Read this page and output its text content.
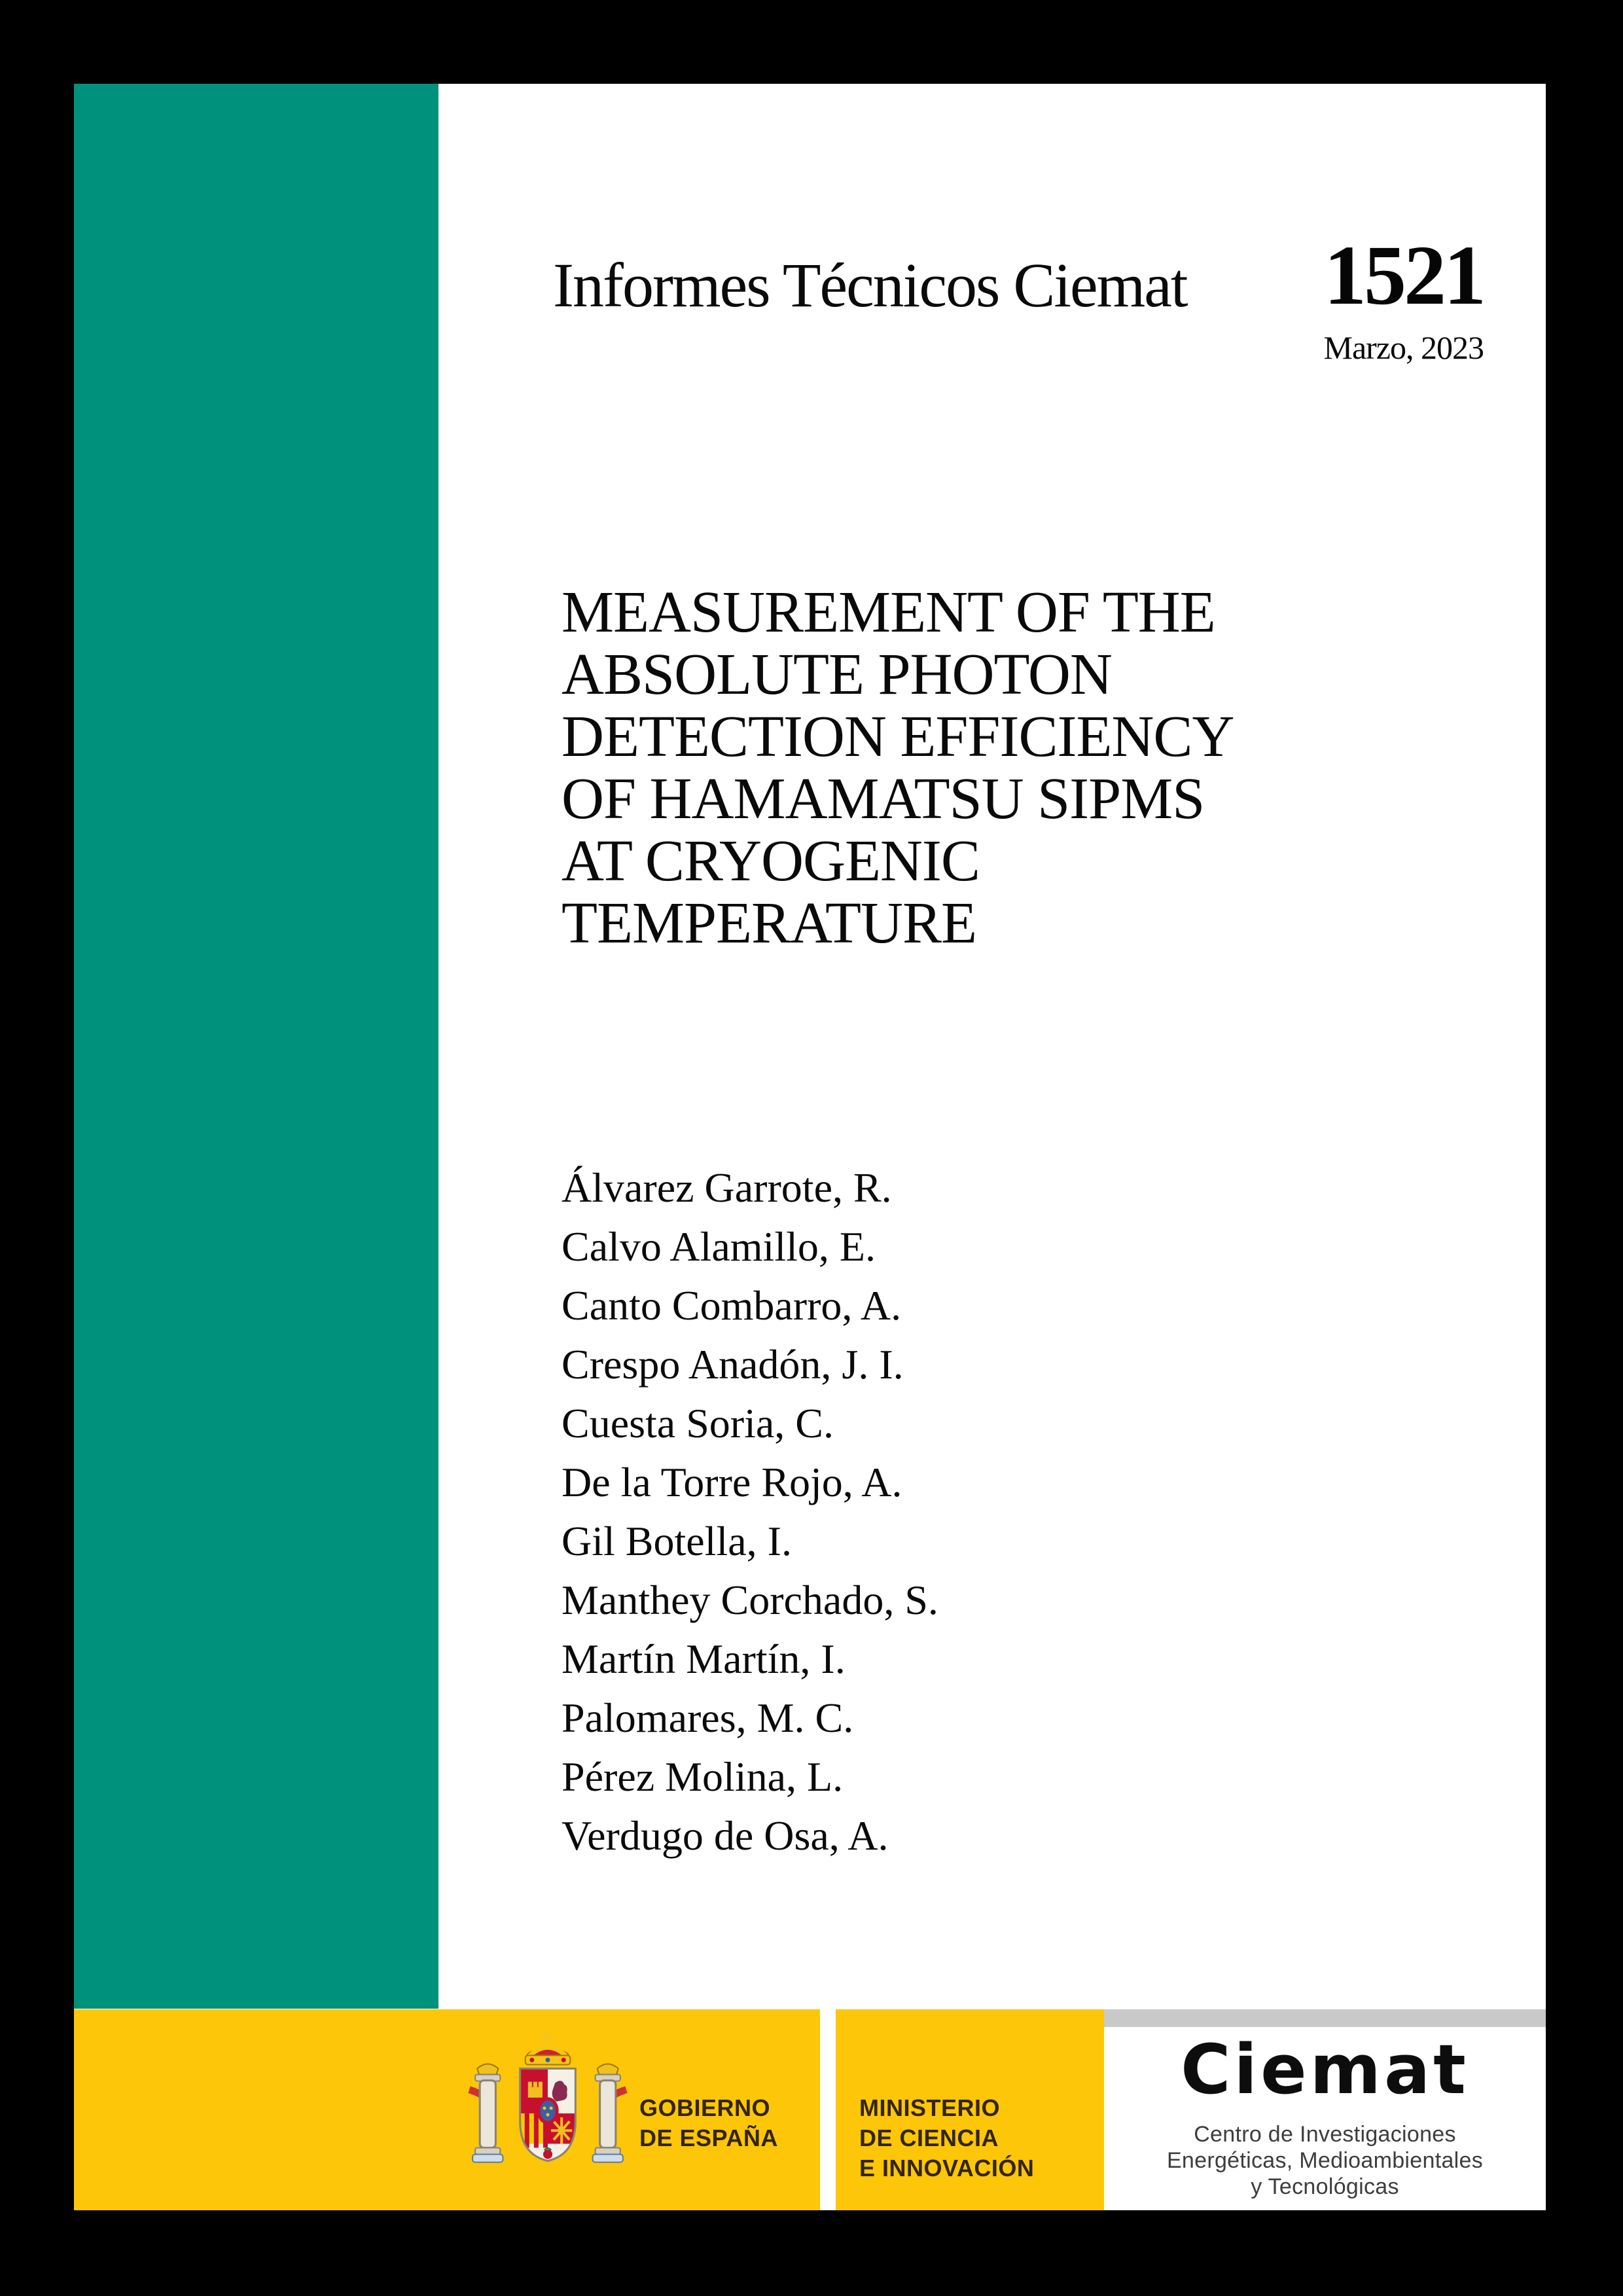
Informes Técnicos Ciemat 1521
Marzo, 2023
MEASUREMENT OF THE
ABSOLUTE PHOTON
DETECTION EFFICIENCY
OF HAMAMATSU SIPMS
AT CRYOGENIC
TEMPERATURE
Álvarez Garrote, R.
Calvo Alamillo, E.
Canto Combarro, A.
Crespo Anadón, J. I.
Cuesta Soria, C.
De la Torre Rojo, A.
Gil Botella, I.
Manthey Corchado, S.
Martín Martín, I.
Palomares, M. C.
Pérez Molina, L.
Verdugo de Osa, A.
GOBIERNO
DE ESPAÑA
MINISTERIO
DE CIENCIA
E INNOVACIÓN
Ciemat
Centro de Investigaciones
Energéticas, Medioambientales
y Tecnológicas
